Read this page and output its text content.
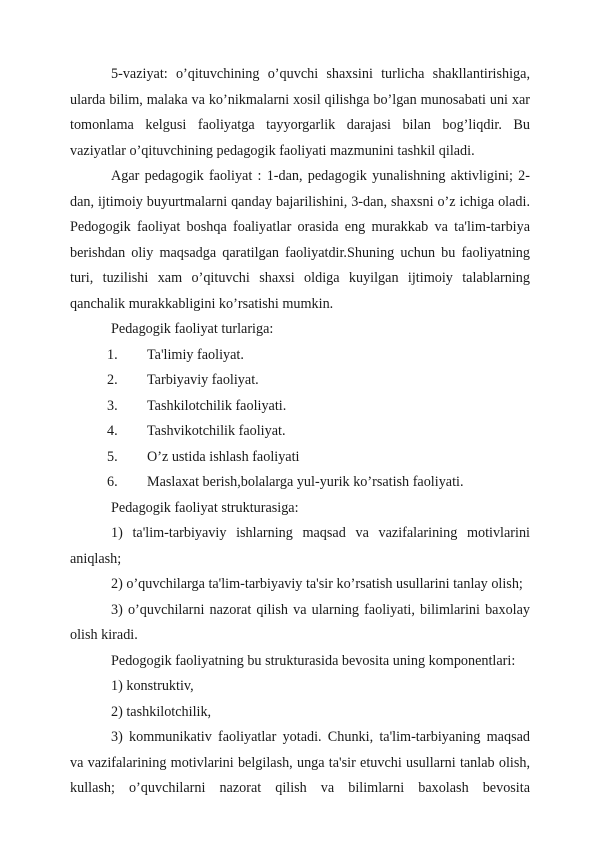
5-vaziyat: o’qituvchining o’quvchi shaxsini turlicha shakllantirishiga, ularda bilim, malaka va ko’nikmalarni xosil qilishga bo’lgan munosabati uni xar tomonlama kelgusi faoliyatga tayyorgarlik darajasi bilan bog’liqdir. Bu vaziyatlar o’qituvchining pedagogik faoliyati mazmunini tashkil qiladi.

Agar pedagogik faoliyat : 1-dan, pedagogik yunalishning aktivligini; 2-dan, ijtimoiy buyurtmalarni qanday bajarilishini, 3-dan, shaxsni o’z ichiga oladi. Pedogogik faoliyat boshqa foaliyatlar orasida eng murakkab va ta'lim-tarbiya berishdan oliy maqsadga qaratilgan faoliyatdir.Shuning uchun bu faoliyatning turi, tuzilishi xam o’qituvchi shaxsi oldiga kuyilgan ijtimoiy talablarning qanchalik murakkabligini ko’rsatishi mumkin.

Pedagogik faoliyat turlariga:

1.	Ta'limiy faoliyat.
2.	Tarbiyaviy faoliyat.
3.	Tashkilotchilik faoliyati.
4.	Tashvikotchilik faoliyat.
5.	O’z ustida ishlash faoliyati
6.	Maslaxat berish,bolalarga yul-yurik ko’rsatish faoliyati.

Pedagogik faoliyat strukturasiga:

1) ta'lim-tarbiyaviy ishlarning maqsad va vazifalarining motivlarini aniqlash;

2) o’quvchilarga ta'lim-tarbiyaviy ta'sir ko’rsatish usullarini tanlay olish;

3) o’quvchilarni nazorat qilish va ularning faoliyati, bilimlarini baxolay olish kiradi.

Pedogogik faoliyatning bu strukturasida bevosita uning komponentlari:

1) konstruktiv,

2) tashkilotchilik,

3) kommunikativ faoliyatlar yotadi. Chunki, ta'lim-tarbiyaning maqsad va vazifalarining motivlarini belgilash, unga ta'sir etuvchi usullarni tanlab olish, kullash; o’quvchilarni nazorat qilish va bilimlarni baxolash bevosita
